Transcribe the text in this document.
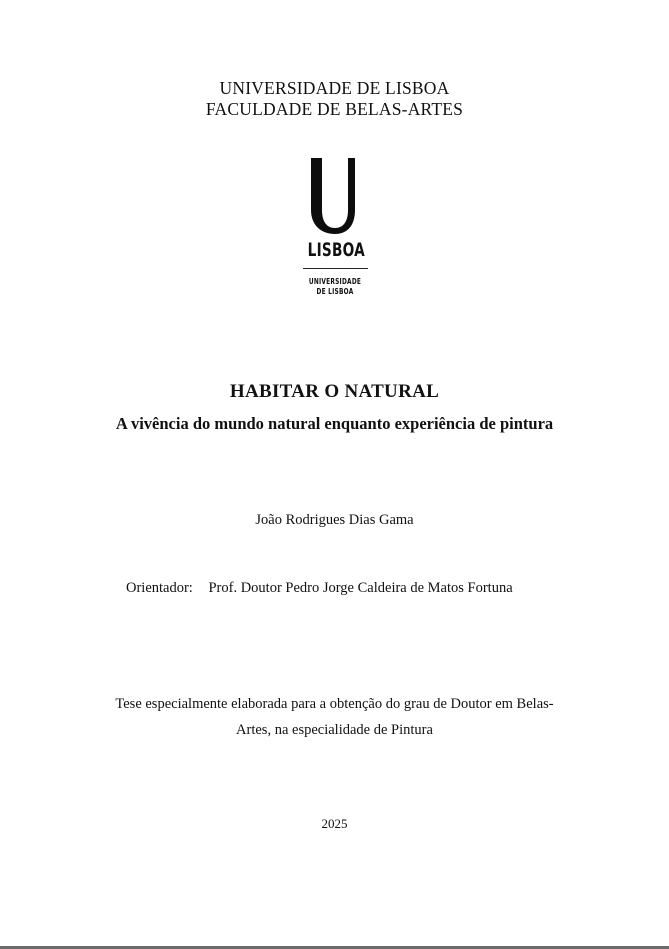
UNIVERSIDADE DE LISBOA
FACULDADE DE BELAS-ARTES
LISBOA
UNIVERSIDADE
DE LISBOA
HABITAR O NATURAL
A vivência do mundo natural enquanto experiência de pintura
João Rodrigues Dias Gama
Orientador: Prof. Doutor Pedro Jorge Caldeira de Matos Fortuna
Tese especialmente elaborada para a obtenção do grau de Doutor em Belas-
Artes, na especialidade de Pintura
2025
